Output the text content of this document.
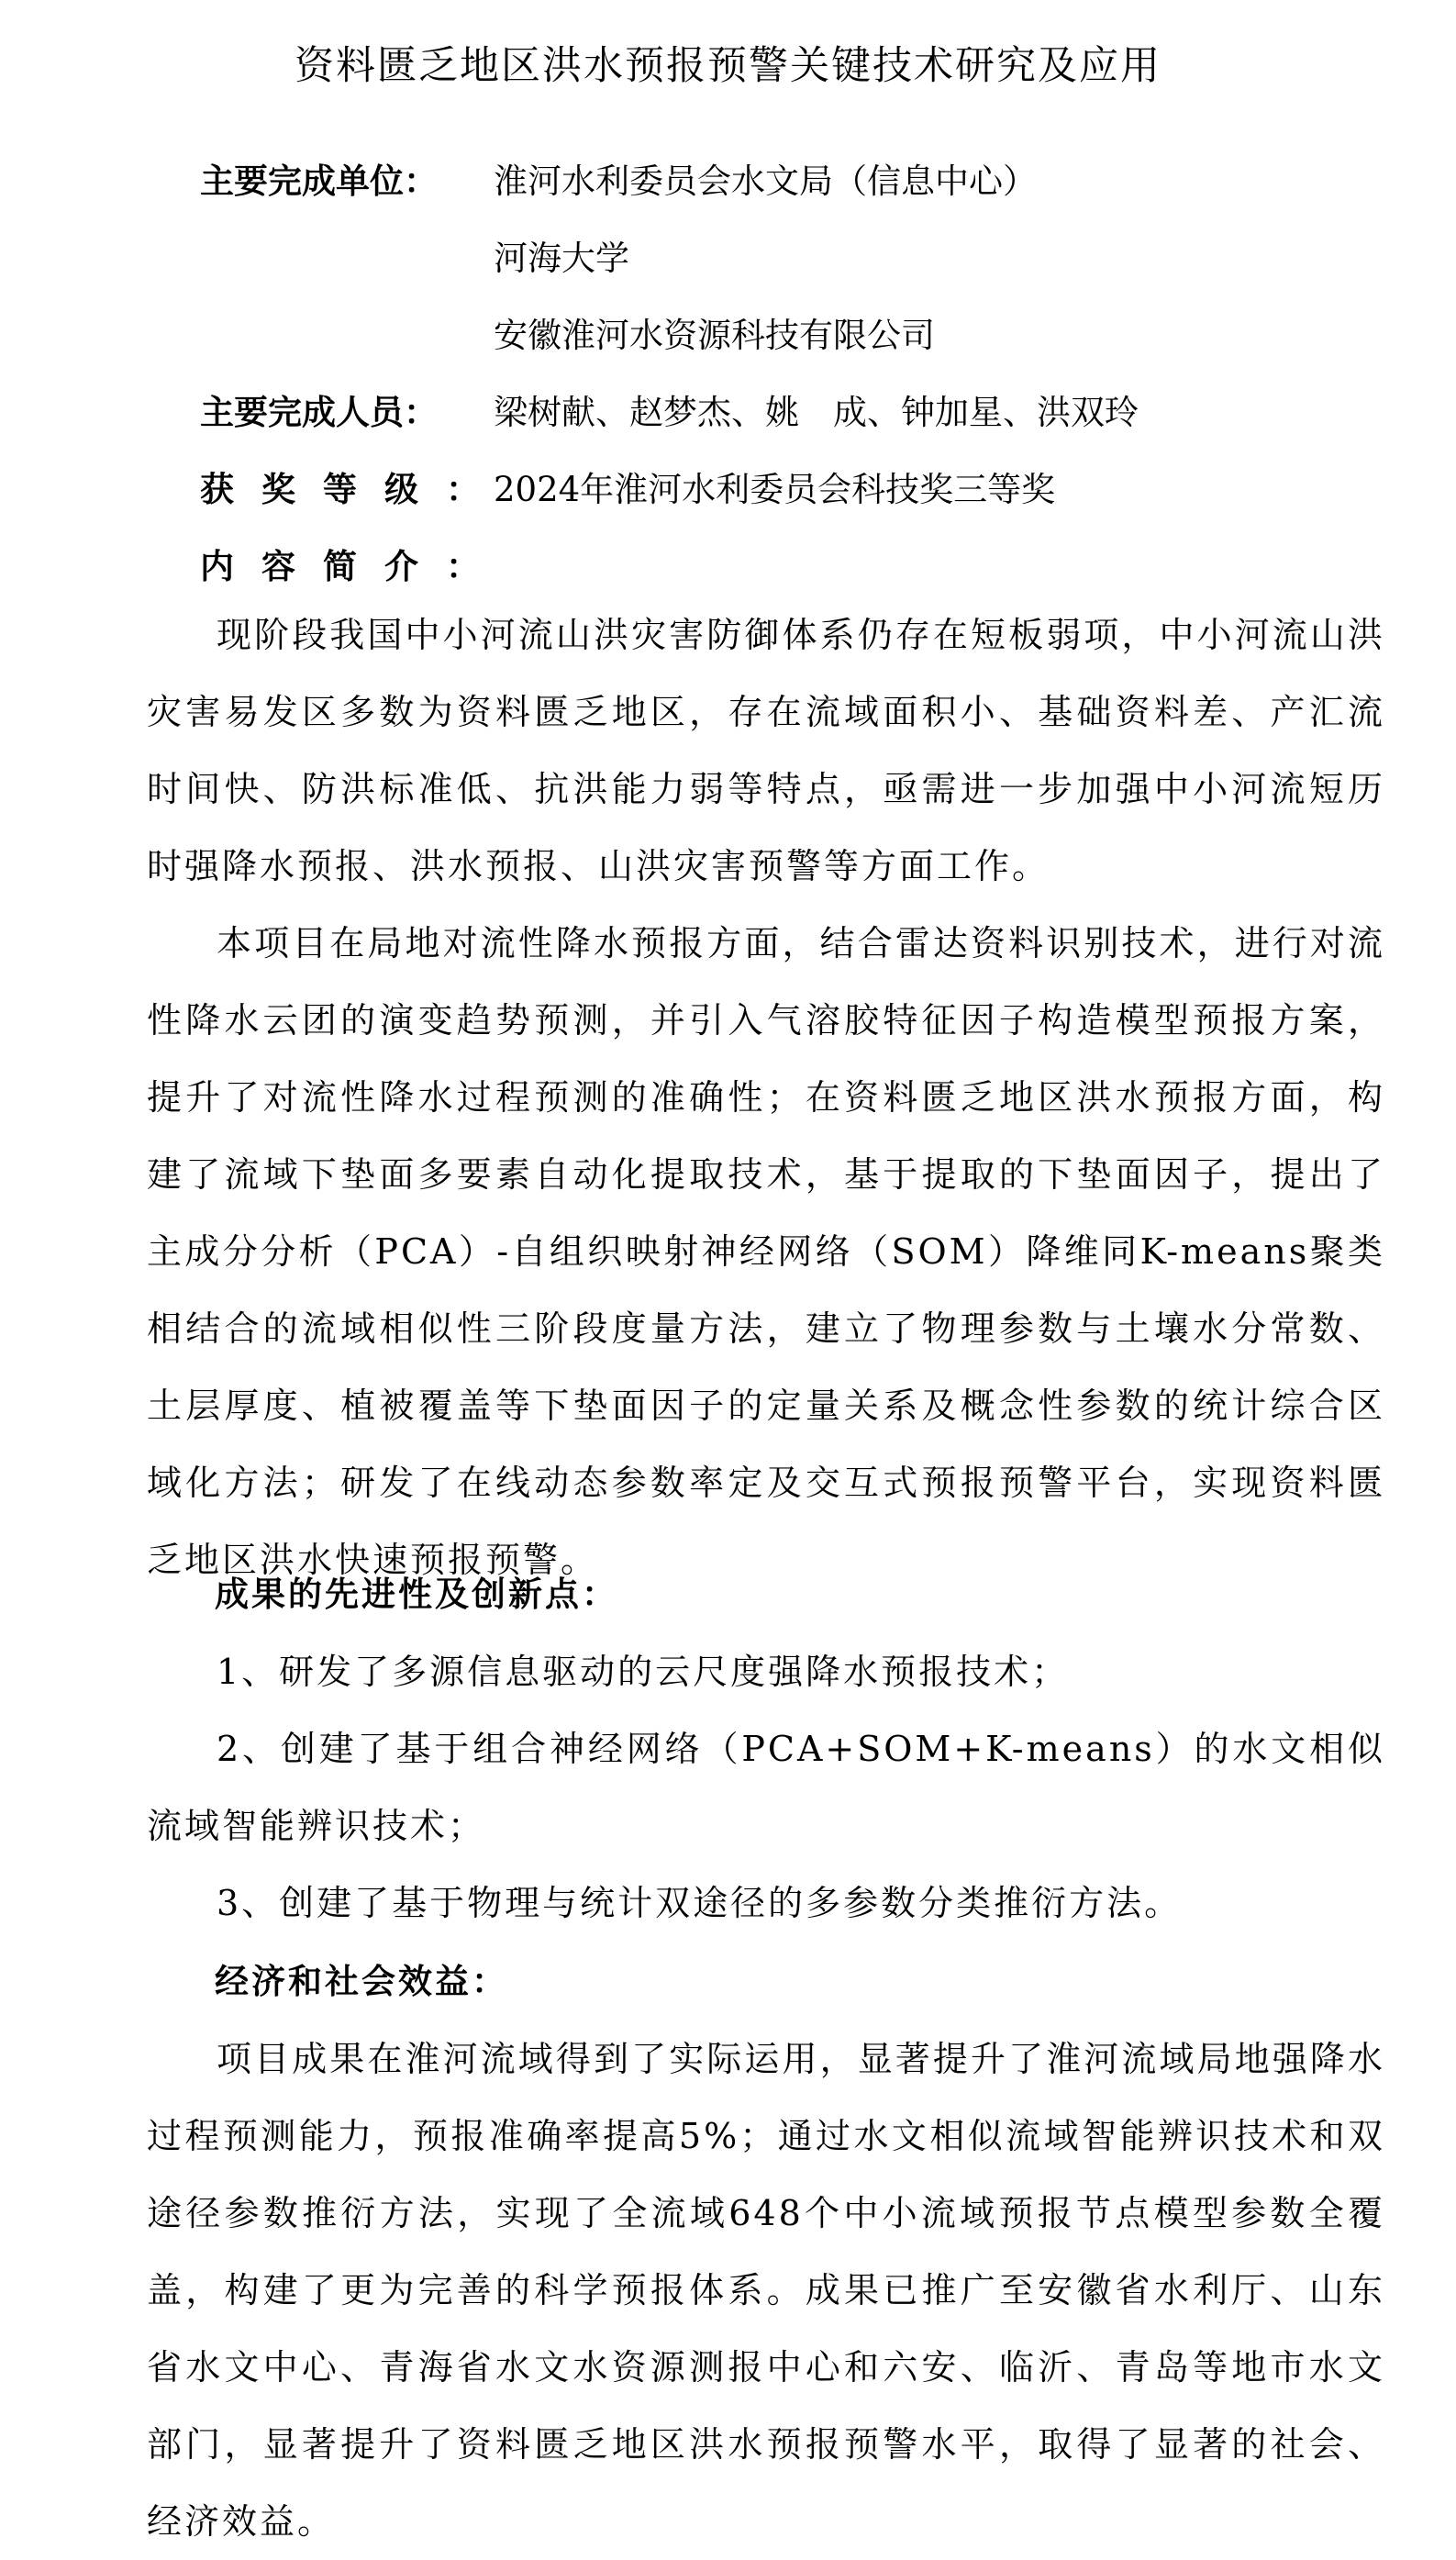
资料匮乏地区洪水预报预警关键技术研究及应用
主要完成单位：	淮河水利委员会水文局（信息中心）
河海大学
安徽淮河水资源科技有限公司
主要完成人员：	梁树献、赵梦杰、姚　成、钟加星、洪双玲
获奖等级：
2024年淮河水利委员会科技奖三等奖
内容简介：

现阶段我国中小河流山洪灾害防御体系仍存在短板弱项，中小河流山洪灾害易发区多数为资料匮乏地区，存在流域面积小、基础资料差、产汇流时间快、防洪标准低、抗洪能力弱等特点，亟需进一步加强中小河流短历时强降水预报、洪水预报、山洪灾害预警等方面工作。

本项目在局地对流性降水预报方面，结合雷达资料识别技术，进行对流性降水云团的演变趋势预测，并引入气溶胶特征因子构造模型预报方案，提升了对流性降水过程预测的准确性；在资料匮乏地区洪水预报方面，构建了流域下垫面多要素自动化提取技术，基于提取的下垫面因子，提出了主成分分析（PCA）-自组织映射神经网络（SOM）降维同K-means聚类相结合的流域相似性三阶段度量方法，建立了物理参数与土壤水分常数、土层厚度、植被覆盖等下垫面因子的定量关系及概念性参数的统计综合区域化方法；研发了在线动态参数率定及交互式预报预警平台，实现资料匮乏地区洪水快速预报预警。

成果的先进性及创新点：

1、研发了多源信息驱动的云尺度强降水预报技术；

2、创建了基于组合神经网络（PCA+SOM+K-means）的水文相似流域智能辨识技术；

3、创建了基于物理与统计双途径的多参数分类推衍方法。

经济和社会效益：

项目成果在淮河流域得到了实际运用，显著提升了淮河流域局地强降水过程预测能力，预报准确率提高5%；通过水文相似流域智能辨识技术和双途径参数推衍方法，实现了全流域648个中小流域预报节点模型参数全覆盖，构建了更为完善的科学预报体系。成果已推广至安徽省水利厅、山东省水文中心、青海省水文水资源测报中心和六安、临沂、青岛等地市水文部门，显著提升了资料匮乏地区洪水预报预警水平，取得了显著的社会、经济效益。
